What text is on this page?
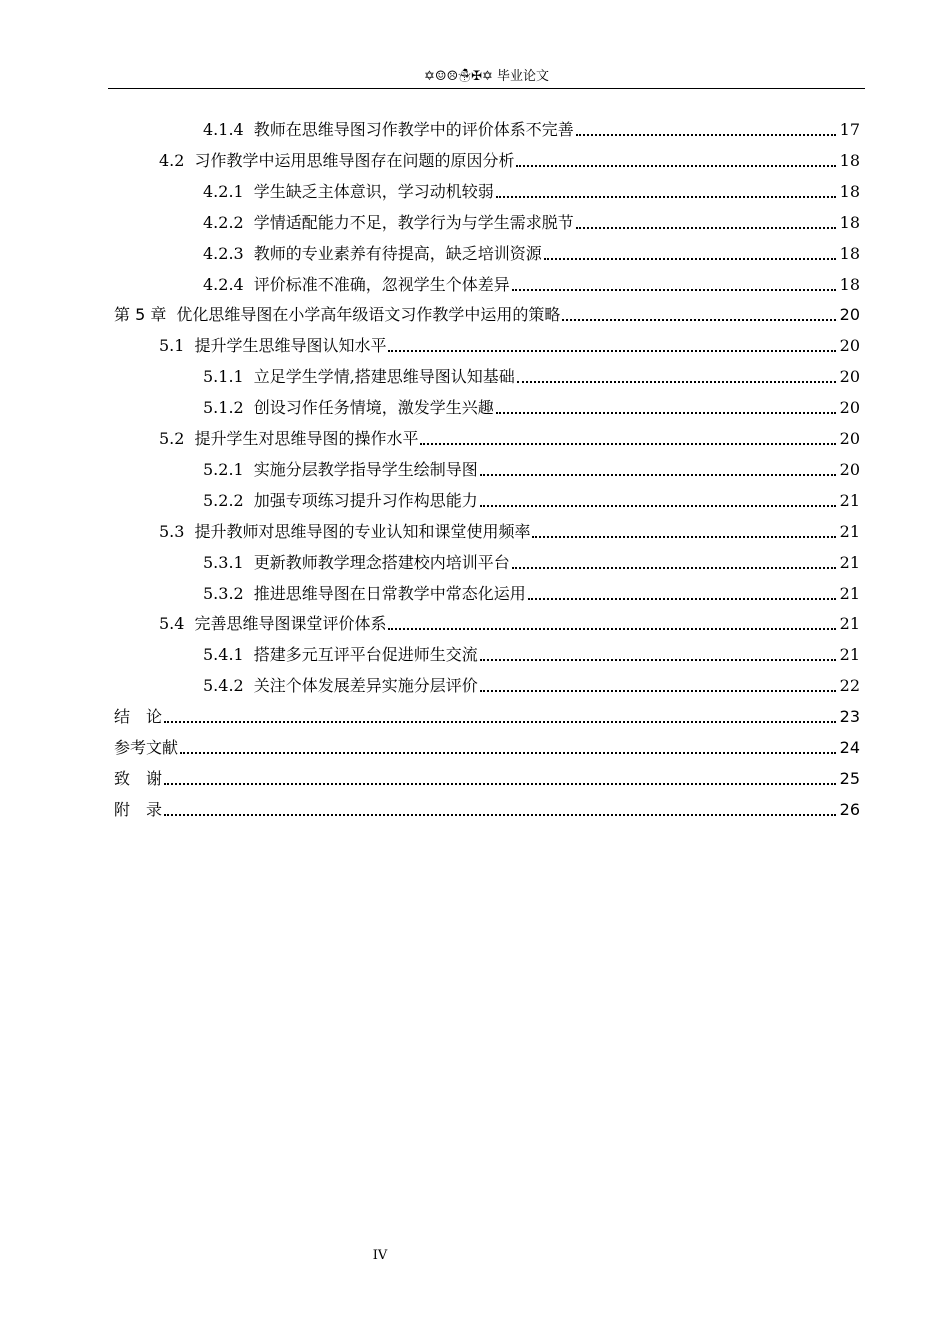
✡☺☹☃✠✡ 毕业论文
4.1.4 教师在思维导图习作教学中的评价体系不完善	17
4.2 习作教学中运用思维导图存在问题的原因分析	18
4.2.1 学生缺乏主体意识，学习动机较弱	18
4.2.2 学情适配能力不足，教学行为与学生需求脱节	18
4.2.3 教师的专业素养有待提高，缺乏培训资源	18
4.2.4 评价标准不准确，忽视学生个体差异	18
第 5 章 优化思维导图在小学高年级语文习作教学中运用的策略	20
5.1 提升学生思维导图认知水平	20
5.1.1 立足学生学情,搭建思维导图认知基础	20
5.1.2 创设习作任务情境，激发学生兴趣	20
5.2 提升学生对思维导图的操作水平	20
5.2.1 实施分层教学指导学生绘制导图	20
5.2.2 加强专项练习提升习作构思能力	21
5.3 提升教师对思维导图的专业认知和课堂使用频率	21
5.3.1 更新教师教学理念搭建校内培训平台	21
5.3.2 推进思维导图在日常教学中常态化运用	21
5.4 完善思维导图课堂评价体系	21
5.4.1 搭建多元互评平台促进师生交流	21
5.4.2 关注个体发展差异实施分层评价	22
结　论	23
参考文献	24
致　谢	25
附　录	26
IV
